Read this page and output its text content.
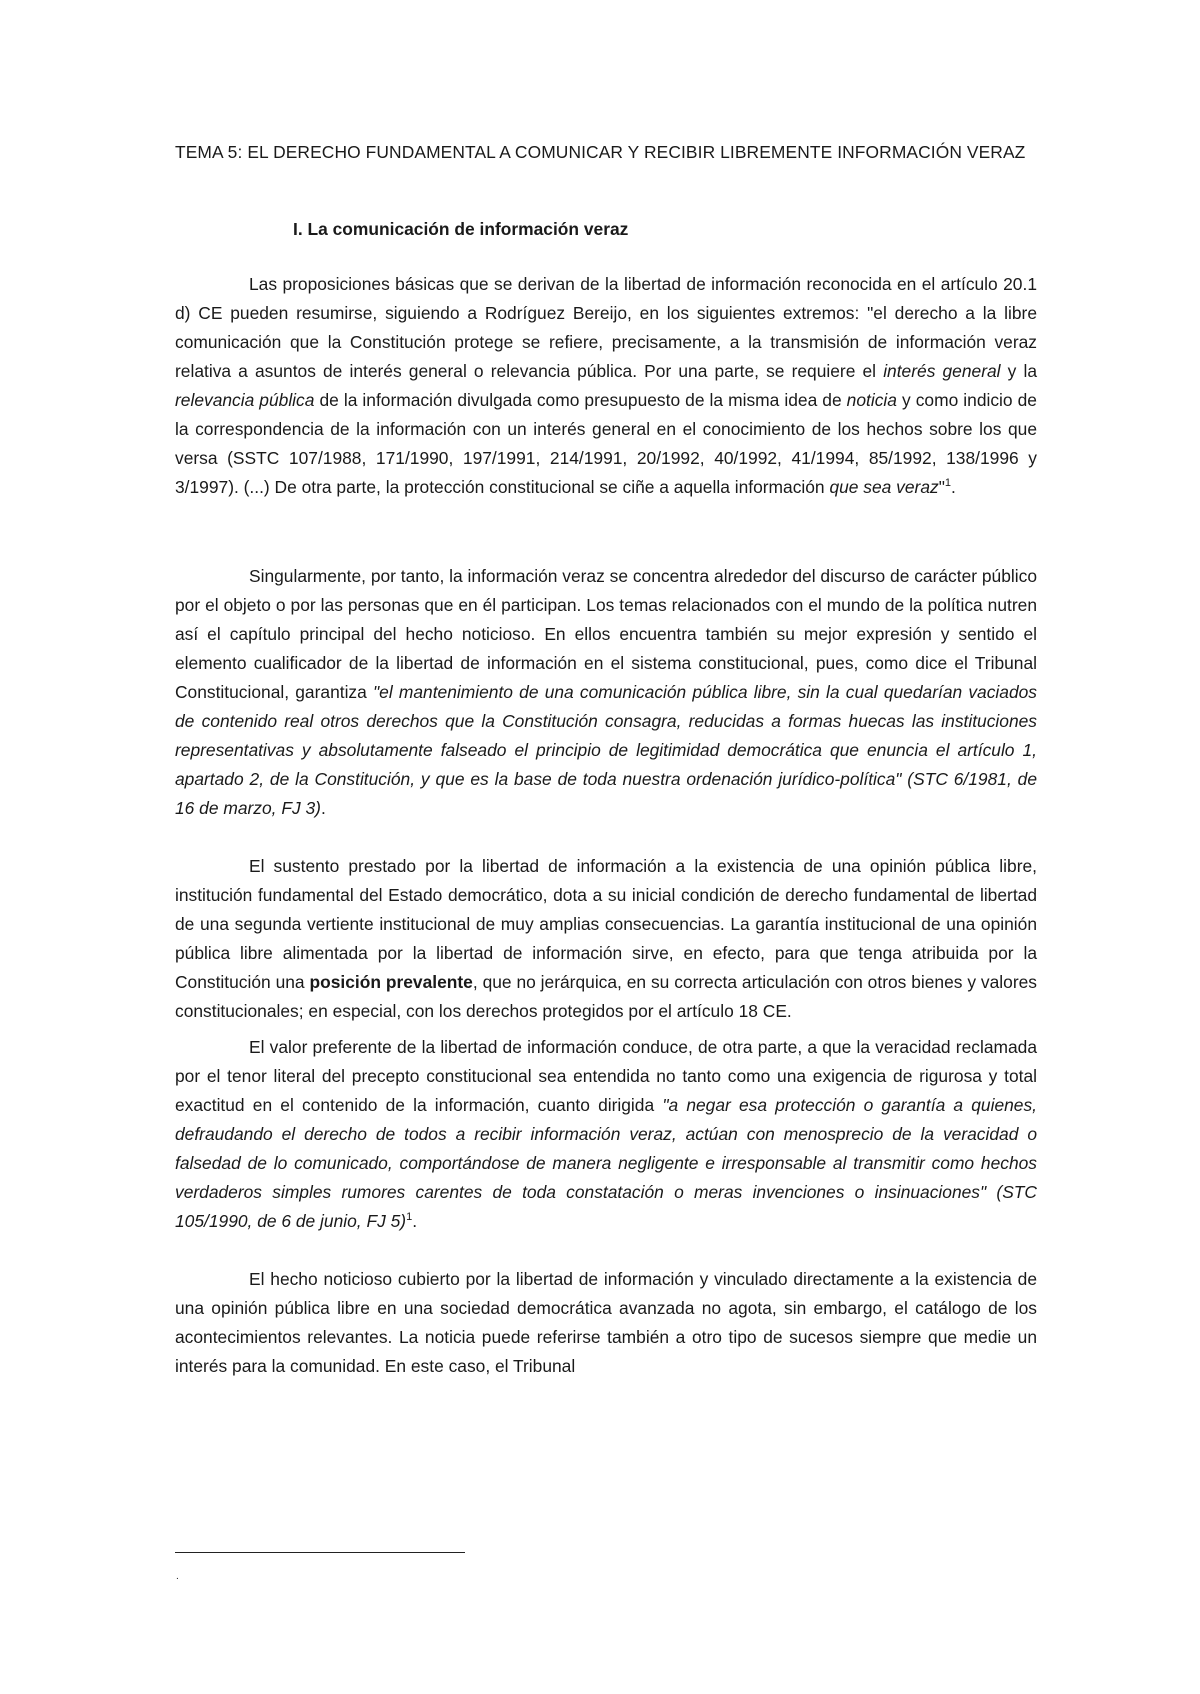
TEMA 5: EL DERECHO FUNDAMENTAL A COMUNICAR Y RECIBIR LIBREMENTE INFORMACIÓN VERAZ
I. La comunicación de información veraz

Las proposiciones básicas que se derivan de la libertad de información reconocida en el artículo 20.1 d) CE pueden resumirse, siguiendo a Rodríguez Bereijo, en los siguientes extremos: "el derecho a la libre comunicación que la Constitución protege se refiere, precisamente, a la transmisión de información veraz relativa a asuntos de interés general o relevancia pública. Por una parte, se requiere el interés general y la relevancia pública de la información divulgada como presupuesto de la misma idea de noticia y como indicio de la correspondencia de la información con un interés general en el conocimiento de los hechos sobre los que versa (SSTC 107/1988, 171/1990, 197/1991, 214/1991, 20/1992, 40/1992, 41/1994, 85/1992, 138/1996 y 3/1997). (...) De otra parte, la protección constitucional se ciñe a aquella información que sea veraz"$^1$.

Singularmente, por tanto, la información veraz se concentra alrededor del discurso de carácter público por el objeto o por las personas que en él participan. Los temas relacionados con el mundo de la política nutren así el capítulo principal del hecho noticioso. En ellos encuentra también su mejor expresión y sentido el elemento cualificador de la libertad de información en el sistema constitucional, pues, como dice el Tribunal Constitucional, garantiza "el mantenimiento de una comunicación pública libre, sin la cual quedarían vaciados de contenido real otros derechos que la Constitución consagra, reducidas a formas huecas las instituciones representativas y absolutamente falseado el principio de legitimidad democrática que enuncia el artículo 1, apartado 2, de la Constitución, y que es la base de toda nuestra ordenación jurídico-política" (STC 6/1981, de 16 de marzo, FJ 3).

El sustento prestado por la libertad de información a la existencia de una opinión pública libre, institución fundamental del Estado democrático, dota a su inicial condición de derecho fundamental de libertad de una segunda vertiente institucional de muy amplias consecuencias. La garantía institucional de una opinión pública libre alimentada por la libertad de información sirve, en efecto, para que tenga atribuida por la Constitución una posición prevalente, que no jerárquica, en su correcta articulación con otros bienes y valores constitucionales; en especial, con los derechos protegidos por el artículo 18 CE.

El valor preferente de la libertad de información conduce, de otra parte, a que la veracidad reclamada por el tenor literal del precepto constitucional sea entendida no tanto como una exigencia de rigurosa y total exactitud en el contenido de la información, cuanto dirigida "a negar esa protección o garantía a quienes, defraudando el derecho de todos a recibir información veraz, actúan con menosprecio de la veracidad o falsedad de lo comunicado, comportándose de manera negligente e irresponsable al transmitir como hechos verdaderos simples rumores carentes de toda constatación o meras invenciones o insinuaciones" (STC 105/1990, de 6 de junio, FJ 5)$^1$.

El hecho noticioso cubierto por la libertad de información y vinculado directamente a la existencia de una opinión pública libre en una sociedad democrática avanzada no agota, sin embargo, el catálogo de los acontecimientos relevantes. La noticia puede referirse también a otro tipo de sucesos siempre que medie un interés para la comunidad. En este caso, el Tribunal

.
